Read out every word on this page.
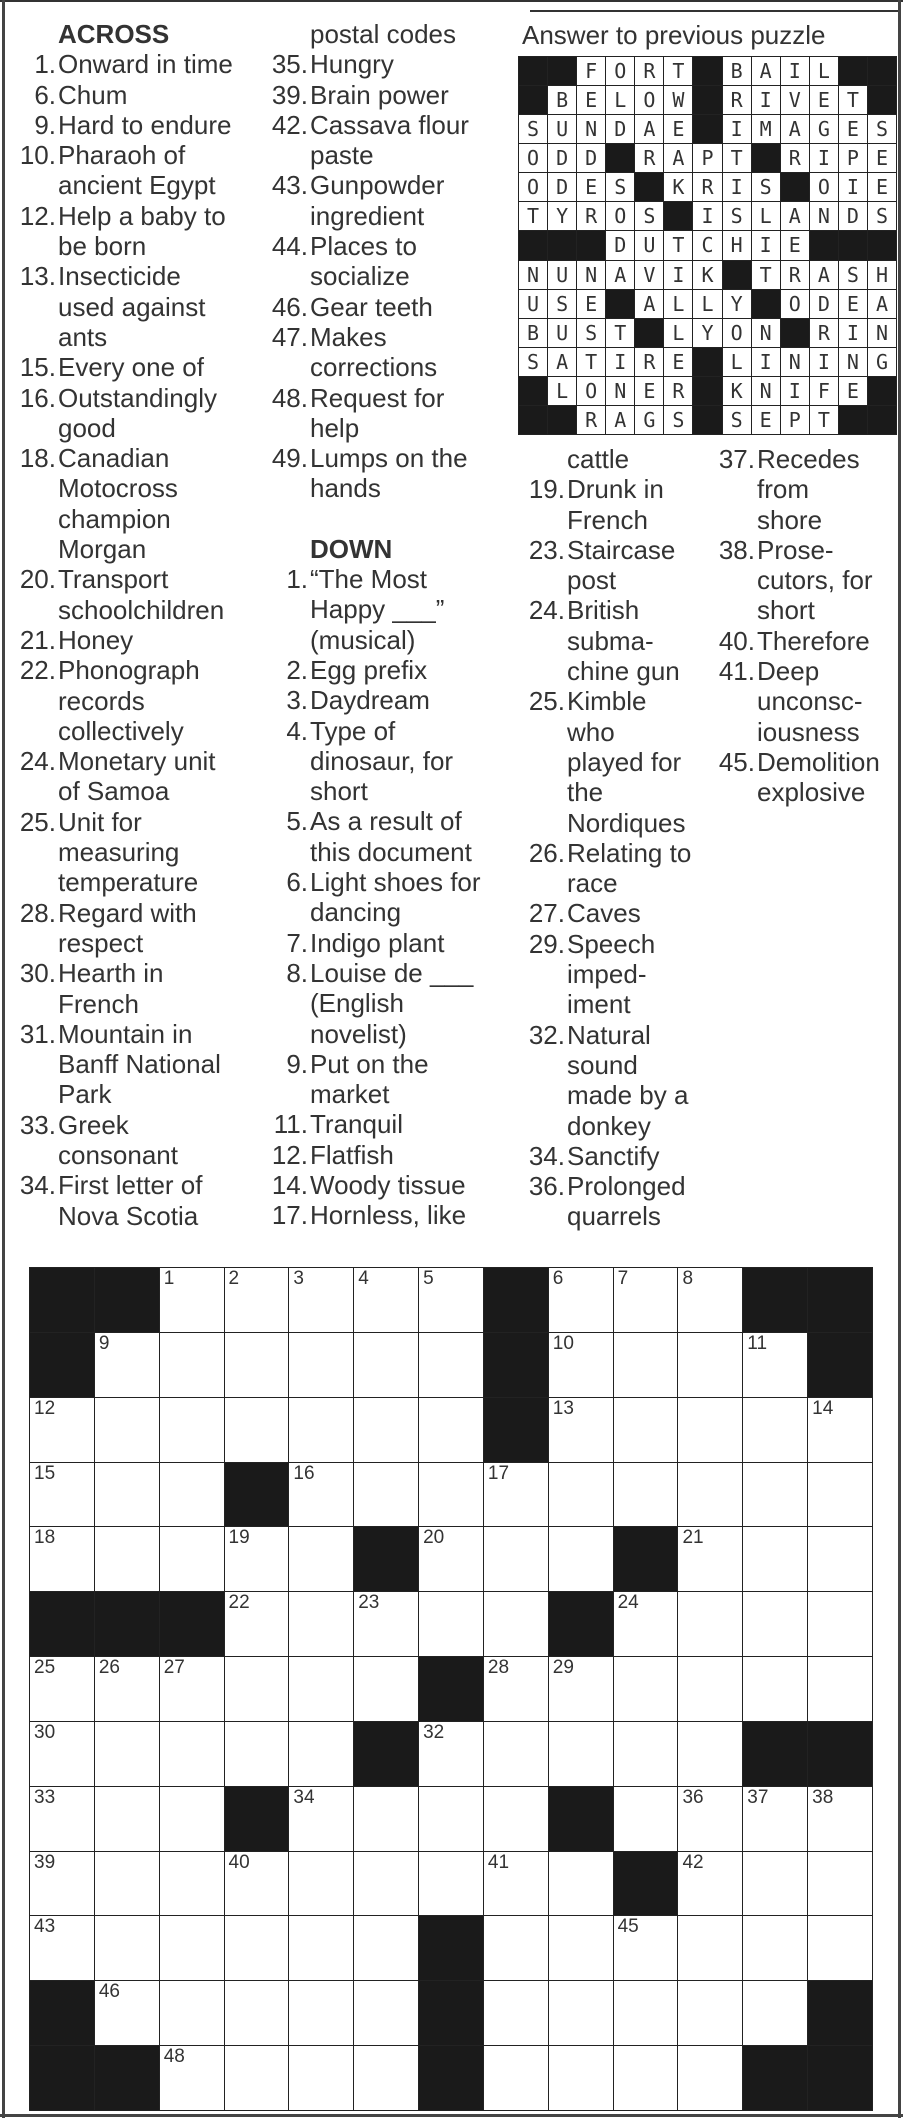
ACROSS
1. Onward in time
6. Chum
9. Hard to endure
10. Pharaoh of
ancient Egypt
12. Help a baby to
be born
13. Insecticide
used against
ants
15. Every one of
16. Outstandingly
good
18. Canadian
Motocross
champion
Morgan
20. Transport
schoolchildren
21. Honey
22. Phonograph
records
collectively
24. Monetary unit
of Samoa
25. Unit for
measuring
temperature
28. Regard with
respect
30. Hearth in
French
31. Mountain in
Banff National
Park
33. Greek
consonant
34. First letter of
Nova Scotia
postal codes
35. Hungry
39. Brain power
42. Cassava flour
paste
43. Gunpowder
ingredient
44. Places to
socialize
46. Gear teeth
47. Makes
corrections
48. Request for
help
49. Lumps on the
hands
DOWN
1. “The Most
Happy ___”
(musical)
2. Egg prefix
3. Daydream
4. Type of
dinosaur, for
short
5. As a result of
this document
6. Light shoes for
dancing
7. Indigo plant
8. Louise de ___
(English
novelist)
9. Put on the
market
11. Tranquil
12. Flatfish
14. Woody tissue
17. Hornless, like
cattle
19. Drunk in
French
23. Staircase
post
24. British
subma-
chine gun
25. Kimble
who
played for
the
Nordiques
26. Relating to
race
27. Caves
29. Speech
imped-
iment
32. Natural
sound
made by a
donkey
34. Sanctify
36. Prolonged
quarrels
37. Recedes
from
shore
38. Prose-
cutors, for
short
40. Therefore
41. Deep
unconsc-
iousness
45. Demolition
explosive
Answer to previous puzzle
F O R T	B A I L
B E L O W	R I V E T
S U N D A E	I M A G E S
O D D	R A P T	R I P E
O D E S	K R I S	O I E
T Y R O S	I S L A N D S
D U T C H I E
N U N A V I K	T R A S H
U S E	A L L Y	O D E A
B U S T	L Y O N	R I N
S A T I R E	L I N I N G
L O N E R	K N I F E
R A G S	S E P T
1	2	3	4	5	6	7	8
9	10	11
12	13	14
15	16	17
18	19	20	21
22	23	24
25 26 27	28 29
30	32
33	34	36 37 38
39	40	41	42
43	45
46
48
